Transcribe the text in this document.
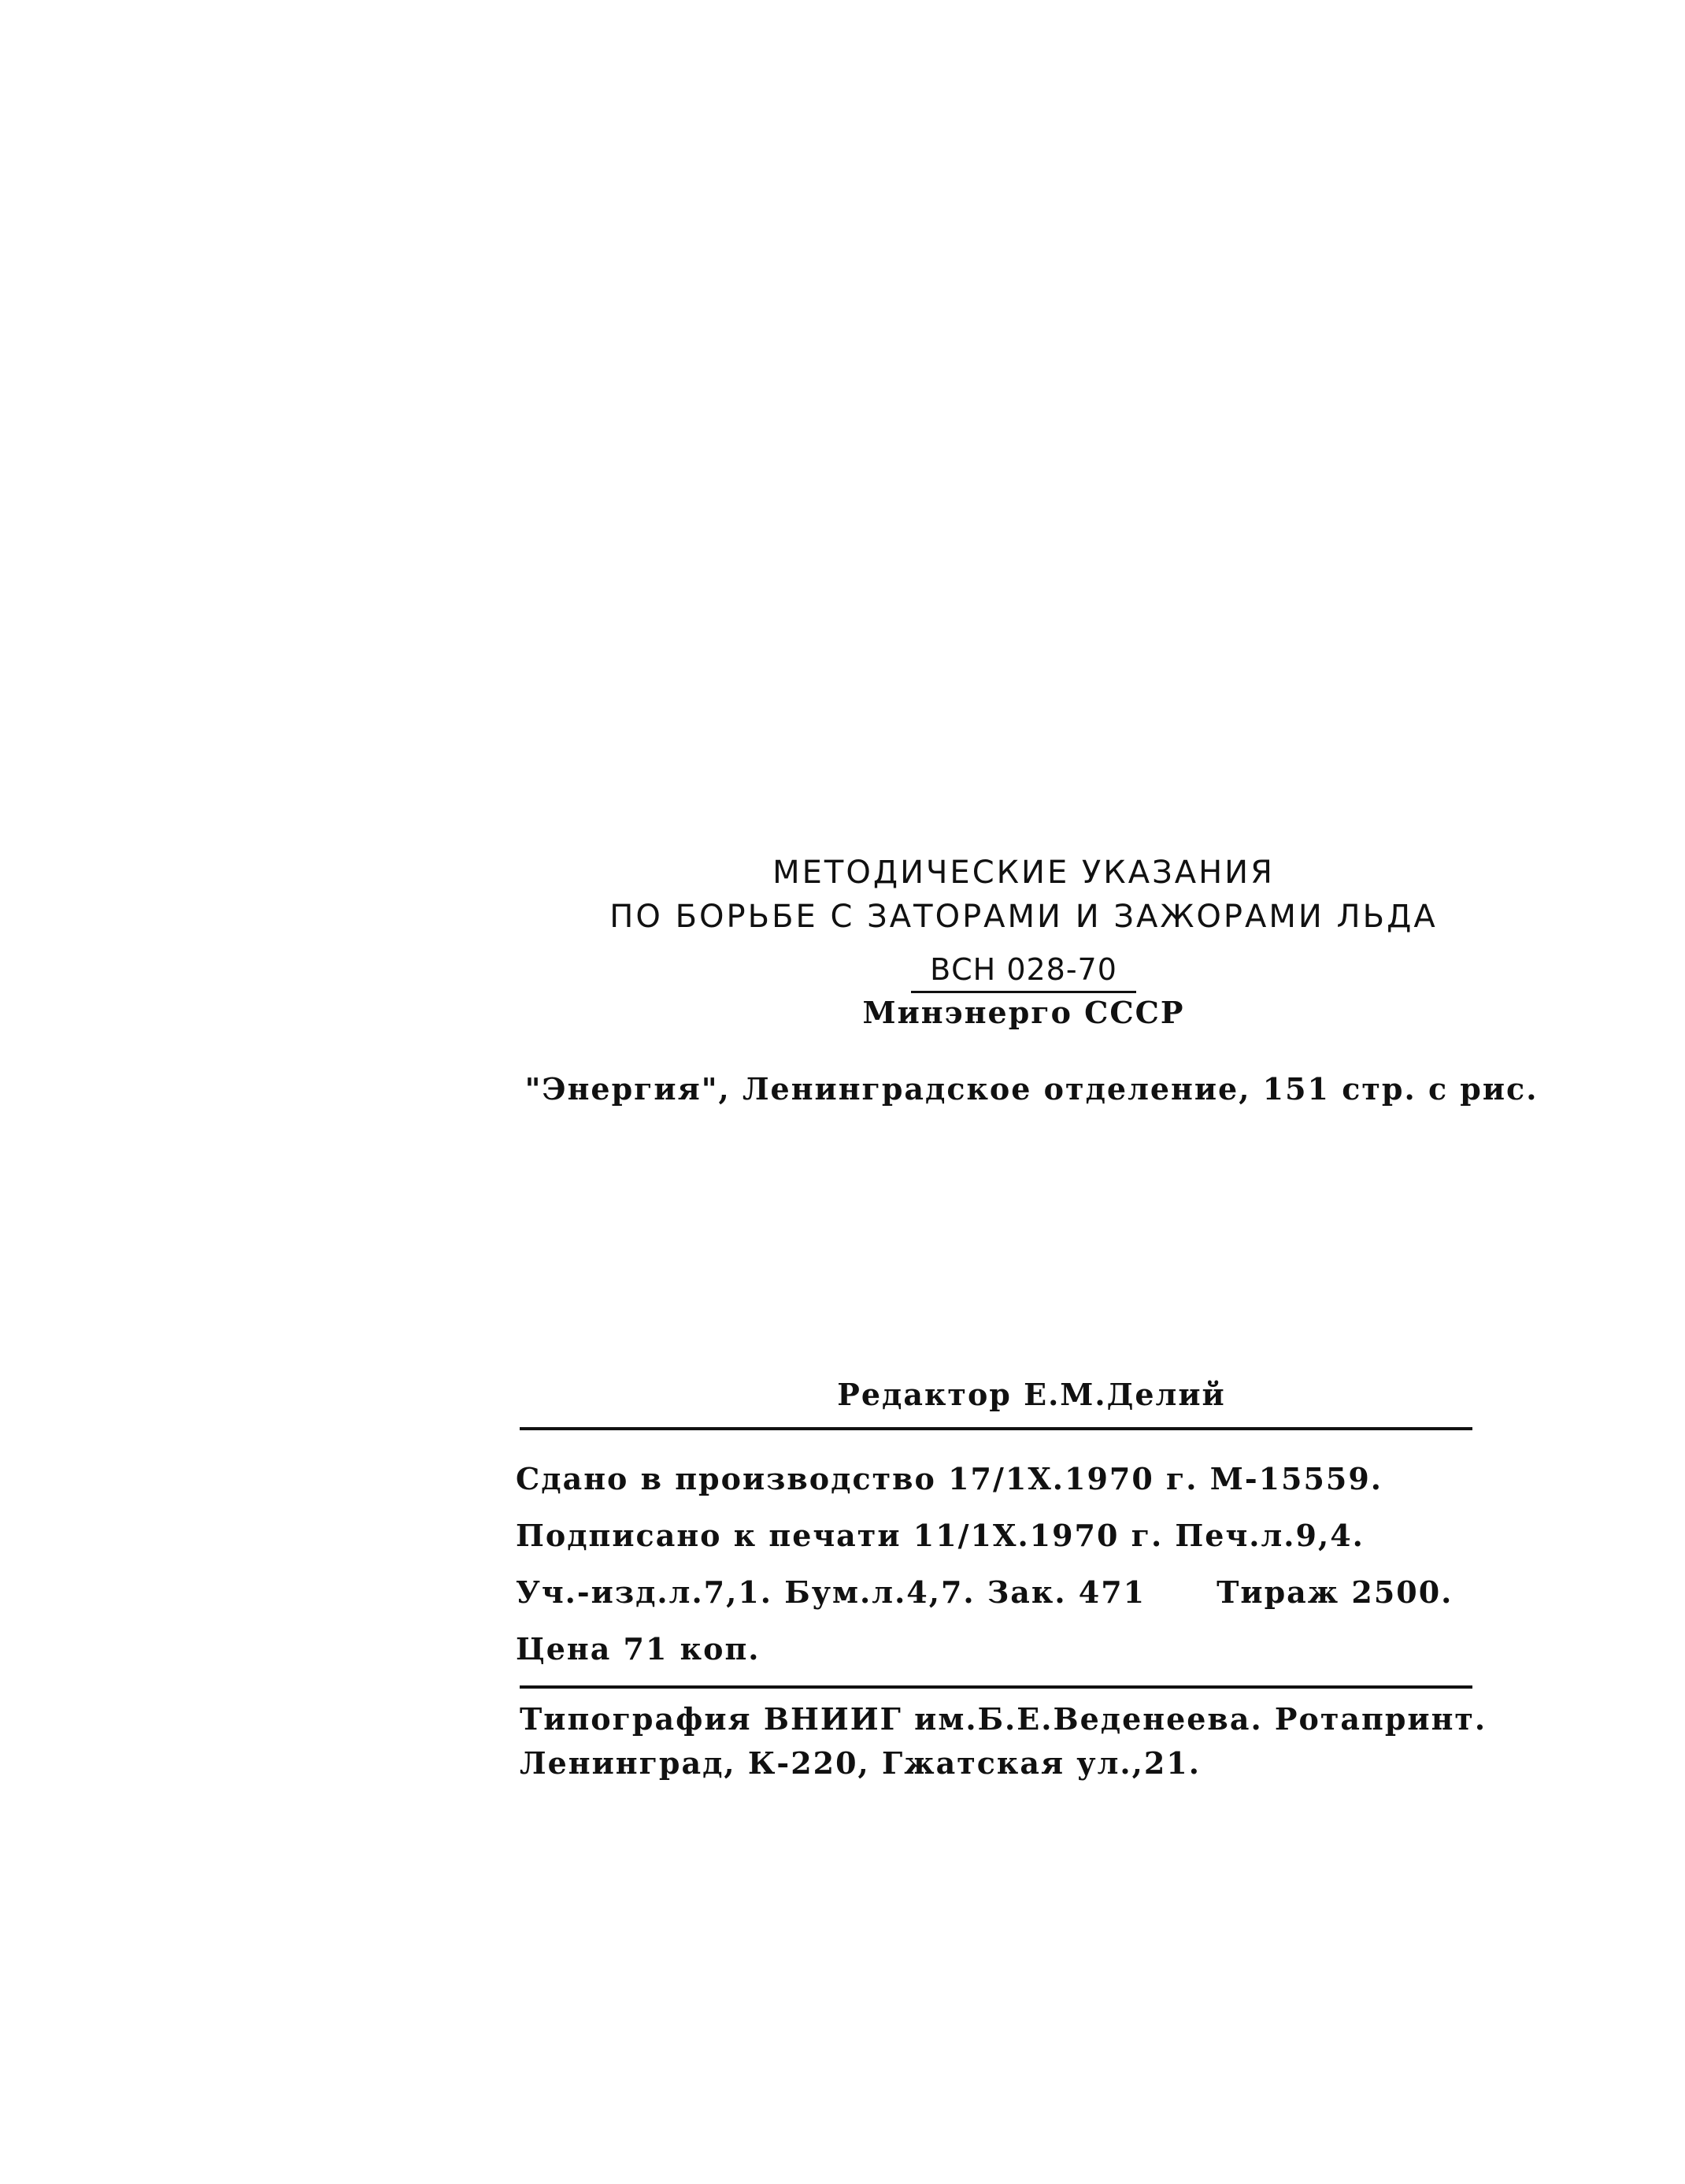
МЕТОДИЧЕСКИЕ УКАЗАНИЯ
ПО БОРЬБЕ С ЗАТОРАМИ И ЗАЖОРАМИ ЛЬДА
ВСН 028-70
Минэнерго СССР
"Энергия", Ленинградское отделение, 151 стр. с рис.
Редактор Е.М.Делий
Сдано в производство 17/1X.1970 г. М-15559.
Подписано к печати 11/1X.1970 г. Печ.л.9,4.
Уч.-изд.л.7,1. Бум.л.4,7. Зак. 471 Тираж 2500.
Цена 71 коп.
Типография ВНИИГ им.Б.Е.Веденеева. Ротапринт.
Ленинград, К-220, Гжатская ул.,21.
